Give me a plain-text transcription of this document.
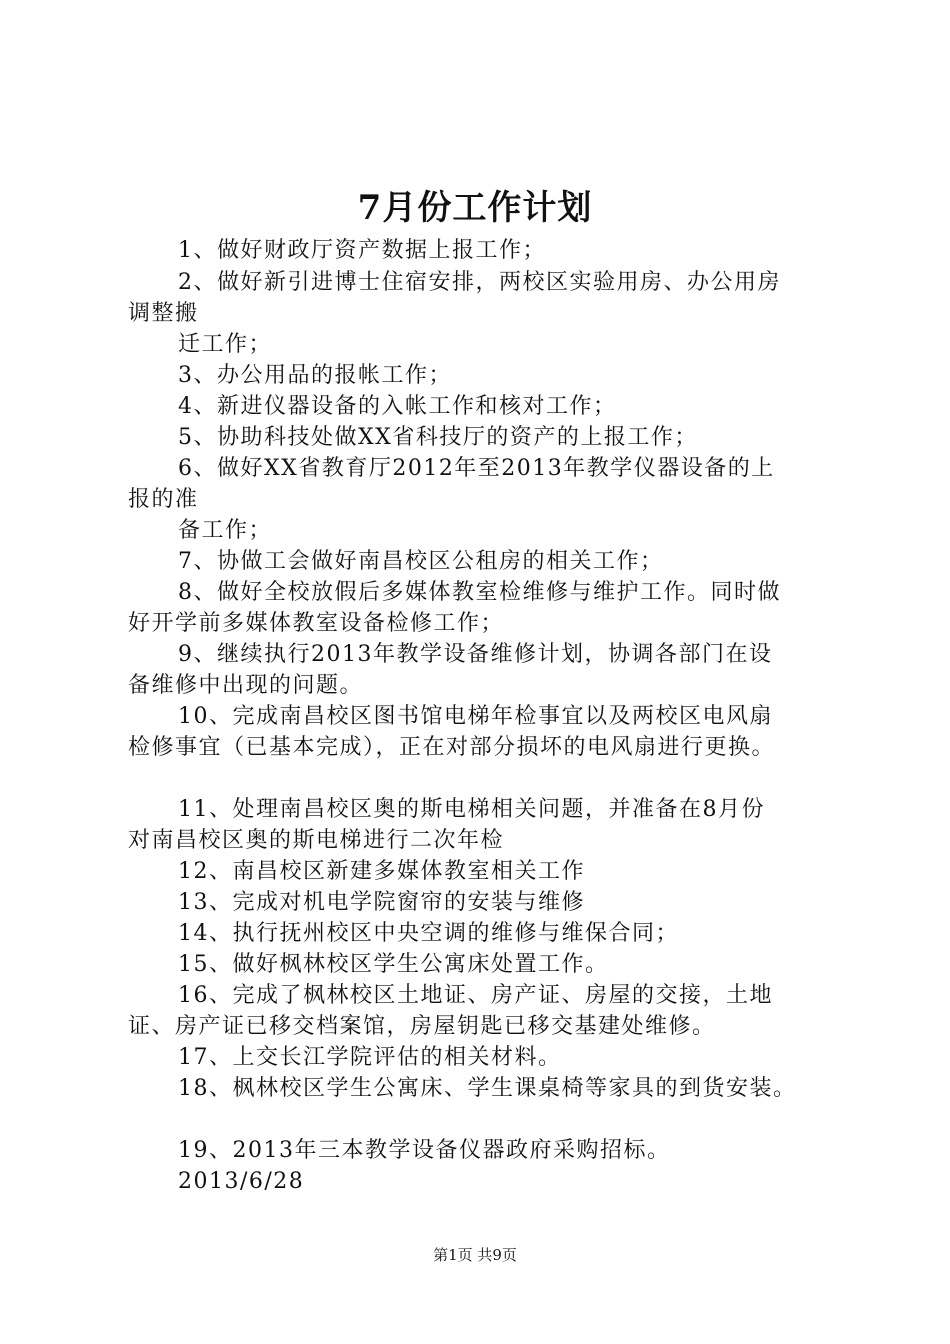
7月份工作计划
1、做好财政厅资产数据上报工作；
2、做好新引进博士住宿安排，两校区实验用房、办公用房
调整搬
迁工作；
3、办公用品的报帐工作；
4、新进仪器设备的入帐工作和核对工作；
5、协助科技处做XX省科技厅的资产的上报工作；
6、做好XX省教育厅2012年至2013年教学仪器设备的上
报的准
备工作；
7、协做工会做好南昌校区公租房的相关工作；
8、做好全校放假后多媒体教室检维修与维护工作。同时做
好开学前多媒体教室设备检修工作；
9、继续执行2013年教学设备维修计划，协调各部门在设
备维修中出现的问题。
10、完成南昌校区图书馆电梯年检事宜以及两校区电风扇
检修事宜（已基本完成），正在对部分损坏的电风扇进行更换。
11、处理南昌校区奥的斯电梯相关问题，并准备在8月份
对南昌校区奥的斯电梯进行二次年检
12、南昌校区新建多媒体教室相关工作
13、完成对机电学院窗帘的安装与维修
14、执行抚州校区中央空调的维修与维保合同；
15、做好枫林校区学生公寓床处置工作。
16、完成了枫林校区土地证、房产证、房屋的交接，土地
证、房产证已移交档案馆，房屋钥匙已移交基建处维修。
17、上交长江学院评估的相关材料。
18、枫林校区学生公寓床、学生课桌椅等家具的到货安装。
19、2013年三本教学设备仪器政府采购招标。
2013/6/28
第1页 共9页
